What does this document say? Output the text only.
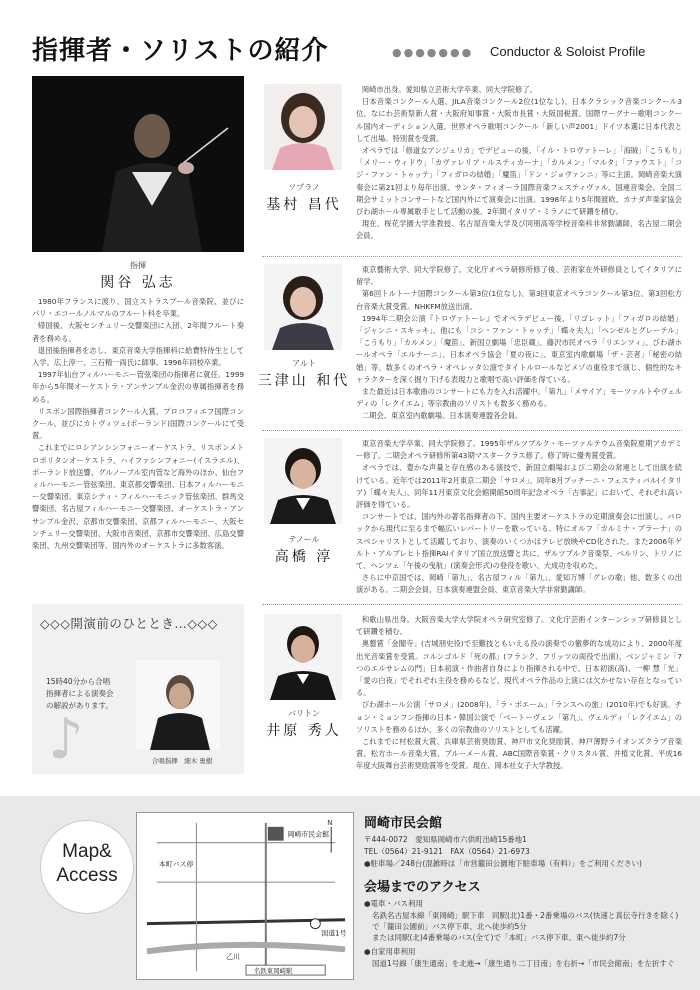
指揮者・ソリストの紹介	●●●●●●● Conductor & Soloist Profile
指揮
関谷 弘志

1980年フランスに渡り、国立ストラスブール音楽院、並びにパリ・エコールノルマルのフルート科を卒業。

帰国後、大阪センチュリー交響楽団に入団、2年間フルート奏者を務める。

退団後指揮者を志し、東京音楽大学指揮科に給費特待生として入学。広上淳一、三石精一両氏に師事。1996年同校卒業。

1997年仙台フィルハーモニー管弦楽団の指揮者に就任。1999年から5年間オーケストラ・アンサンブル金沢の専属指揮者を務める。

リスボン国際指揮者コンクール入賞、プロコフィエフ国際コンクール、並びにカトヴィツェ(ポーランド)国際コンクールにて受賞。

これまでにロシアンシンフォニーオーケストラ、リスボンメトロポリタンオーケストラ、ハイファシンフォニー(イスラエル)、ポーランド放送響、グルノーブル室内管など海外のほか、仙台フィルハーモニー管弦楽団、東京都交響楽団、日本フィルハーモニー交響楽団、東京シティ・フィルハーモニック管弦楽団、群馬交響楽団、名古屋フィルハーモニー交響楽団、オーケストラ・アンサンブル金沢、京都市交響楽団、京都フィルハーモニー、大阪センチュリー交響楽団、大阪市音楽団、京都市交響楽団、広島交響楽団、九州交響楽団等、国内外のオーケストラに多数客演。

◇◇◇開演前のひととき…◇◇◇
15時40分から合唱指揮者による演奏会の解説があります。
♪	合唱指揮　細木 勇樹
ソプラノ
基村 昌代

岡崎市出身。愛知県立芸術大学卒業、同大学院修了。

日本音楽コンクール入選、JILA音楽コンクール2位(1位なし)、日本クラシック音楽コンクール3位、なにわ芸術祭新人賞・大阪府知事賞・大阪市長賞・大阪国税賞、国際ワーグナー歌唱コンクール国内オーディション入選、世界オペラ歌唱コンクール「新しい声2001」ドイツ本選に日本代表として出場。特別賞を受賞。

オペラでは「修道女アンジェリカ」でデビューの後、「イル・トロヴァトーレ」「海賊」「こうもり」「メリー・ウィドウ」「カヴァレリア・ルスティカーナ」「カルメン」「マルタ」「ファウスト」「コジ・ファン・トゥッテ」「フィガロの結婚」「魔笛」「ドン・ジョヴァンニ」等に主演。岡崎音楽大演奏会に第21回より毎年出演、サンタ・フィオーラ国際音楽フェスティヴァル、国連音楽会、全国二期会サミットコンサートなど国内外にて演奏会に出演。1998年より5年間渡欧、カナダ声楽家協会びわ湖ホール専属歌手として活動の後、2年間イタリア・ミラノにて研鑽を積む。

現在、桜花学園大学准教授、名古屋音楽大学及び同朋高等学校音楽科非常勤講師、名古屋二期会会員。

アルト
三津山 和代

東京藝術大学、同大学院修了。文化庁オペラ研修所修了後、芸術家在外研修員としてイタリアに留学。

第6回トルトーナ国際コンクール第3位(1位なし)、第3回東京オペラコンクール第3位、第3回松方台音楽大賞受賞。NHKFM放送出演。

1994年二期会公演『トロヴァトーレ』でオペラデビュー後、「リゴレット」「フィガロの結婚」「ジャンニ・スキッキ」、他にも「コシ・ファン・トゥッテ」「蝶々夫人」「ヘンゼルとグレーテル」「こうもり」「カルメン」「魔笛」、新国立劇場「忠臣蔵」、藤沢市民オペラ「リエンツィ」、びわ湖ホールオペラ「エルナーニ」、日本オペラ協会「夏の夜に」、東京室内歌劇場「ザ・芸者」「秘密の結婚」等、数多くのオペラ・オペレッタ公演でタイトルロールなどメゾの重役まで演じ、個性的なキャラクターを深く掘り下げる表現力と歌唱で高い評価を得ている。

また最近は日本歌曲のコンサートにも力を入れ活躍中。「第九」「メサイア」モーツァルトやヴェルディの「レクイエム」等宗教曲のソリストも数多く務める。

二期会、東京室内歌劇場、日本演奏連盟各会員。

テノール
高橋 淳

東京音楽大学卒業、同大学院修了。1995年ザルツブルク・モーツァルテウム音楽院夏期アカデミー修了。二期会オペラ研修所第43期マスタークラス修了。修了時に優秀賞受賞。

オペラでは、豊かな声量と存在感のある演技で、新国立劇場および二期会の常連として出演を続けている。近年では2011年2月東京二期会「サロメ」、同年8月プッチーニ・フェスティバル(イタリア)「蝶々夫人」、同年11月東京文化会館開館50周年記念オペラ「古事記」において、それぞれ高い評価を得ている。

コンサートでは、国内外の著名指揮者の下、国内主要オーケストラの定期演奏会に出演し、バロックから現代に至るまで幅広いレパートリーを歌っている。特にオルフ「カルミナ・ブラーナ」のスペシャリストとして活躍しており、演奏のいくつかはテレビ放映やCD化された。また2006年ゲルト・アルブレヒト指揮RAIイタリア国立放送響と共に、ザルツブルク音楽祭、ベルリン、トリノにて、ヘンツェ「午後の曳航」(演奏会形式)の登役を歌い、大成功を収めた。

さらに中京国では、岡崎「第九」、名古屋フィル「第九」、愛知万博「グレの歌」他、数多くの出演がある。二期会会員、日本演奏連盟会員、東京音楽大学非常勤講師。

バリトン
井原 秀人

和歌山県出身。大阪音楽大学大学院オペラ研究室修了。文化庁芸術インターンシップ研修員として研鑽を積む。

奥藝賞「金閣寺」(吉城朋史役)で至難技ともいえる役の演奏での徹夢的な成功により、2000年度 出光音楽賞を受賞。コルンゴルド「死の都」(フランク、フリッツの両役で出演)、ベンジャミン「7つのエルサレムの門」日本初演・作曲者自身により指揮される中で、日本初演(高)、一柳 慧「光」「愛の白夜」でそれぞれ主役を務めるなど、現代オペラ作品の上演には欠かせない存在となっている。

びわ湖ホール公演「サロメ」(2008年)、「ラ・ボエーム」「ランスへの旅」(2010年)でも好演。チョン・ミョンフン指揮の日本・韓国公演で「ベートーヴェン「第九」、ヴェルディ「レクイエム」のソリストを務めるほか、多くの宗教曲のソリストとしても活躍。

これまでに村松賞大賞、兵庫県芸術奨励賞、神戸市文化奨励賞、神戸薄野ライオンズクラブ音楽賞、松方ホール音楽大賞、ブルーメール賞、ABC国際音楽賞・クリスタル賞、井植文化賞、平成16年度大阪舞台芸術奨励賞等を受賞。現在、岡本社女子大学教授。

Map&
Access
N
岡崎市民会館
本町バス停
乙川
国道1号
名鉄東岡崎駅
岡崎市民会館
〒444-0072　愛知県岡崎市六供町出崎15番地1
TEL（0564）21-9121　FAX（0564）21-6973
●駐車場／248台(混雑時は「市営籠田公園地下駐車場（有料）」をご利用ください)
会場までのアクセス
●電車・バス利用
名鉄名古屋本線「東岡崎」駅下車　同駅(北)1番・2番乗場のバス(快速と真伝寺行きを除く)で「籠田公園前」バス停下車、北へ徒歩約5分
または同駅(北)4番乗場のバス(全て)で「本町」バス停下車、東へ徒歩約7分
●自家用車利用
国道1号線「康生通南」を北進→「康生通り二丁目南」を右折→「市民会館南」を左折すぐ
